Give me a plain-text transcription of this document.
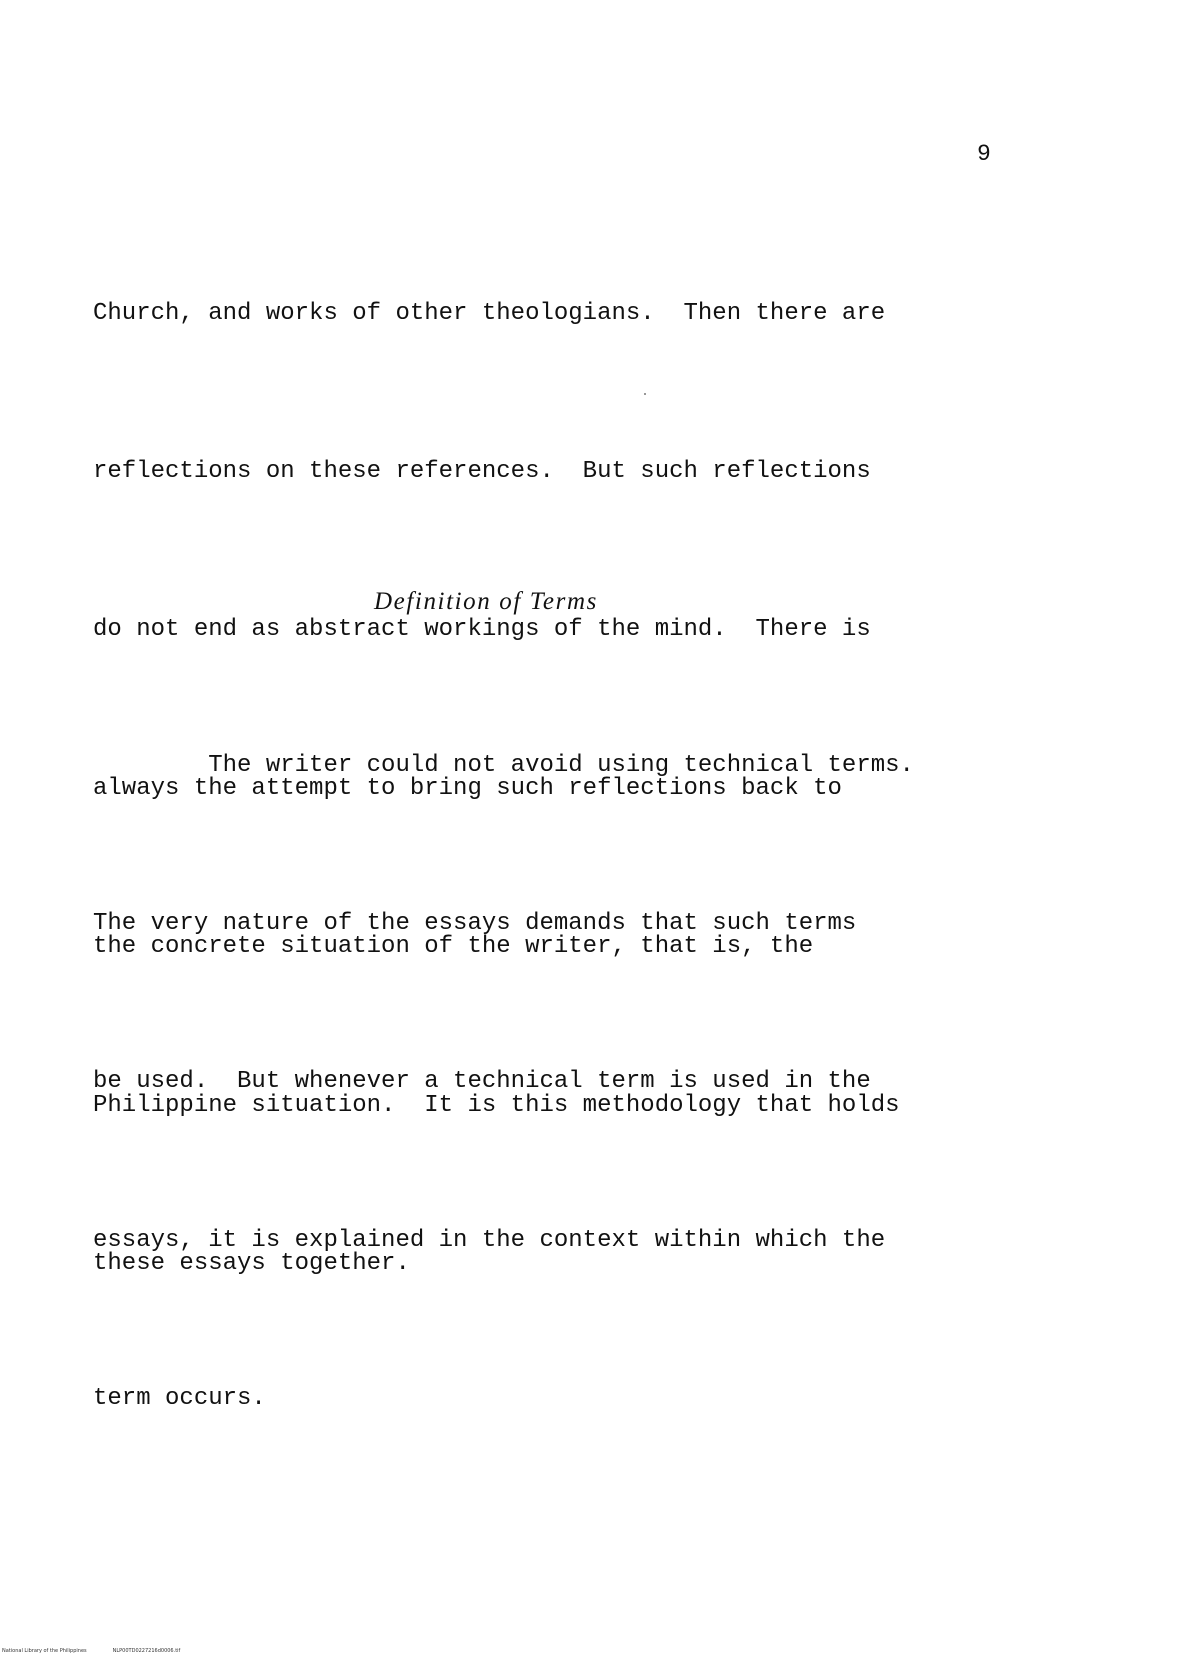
9

Church, and works of other theologians.  Then there are

reflections on these references.  But such reflections

do not end as abstract workings of the mind.  There is

always the attempt to bring such reflections back to

the concrete situation of the writer, that is, the

Philippine situation.  It is this methodology that holds

these essays together.

Definition of Terms

The writer could not avoid using technical terms.

The very nature of the essays demands that such terms

be used.  But whenever a technical term is used in the

essays, it is explained in the context within which the

term occurs.

National Library of the Philippines	NLP00TD0227216d0006.tif
